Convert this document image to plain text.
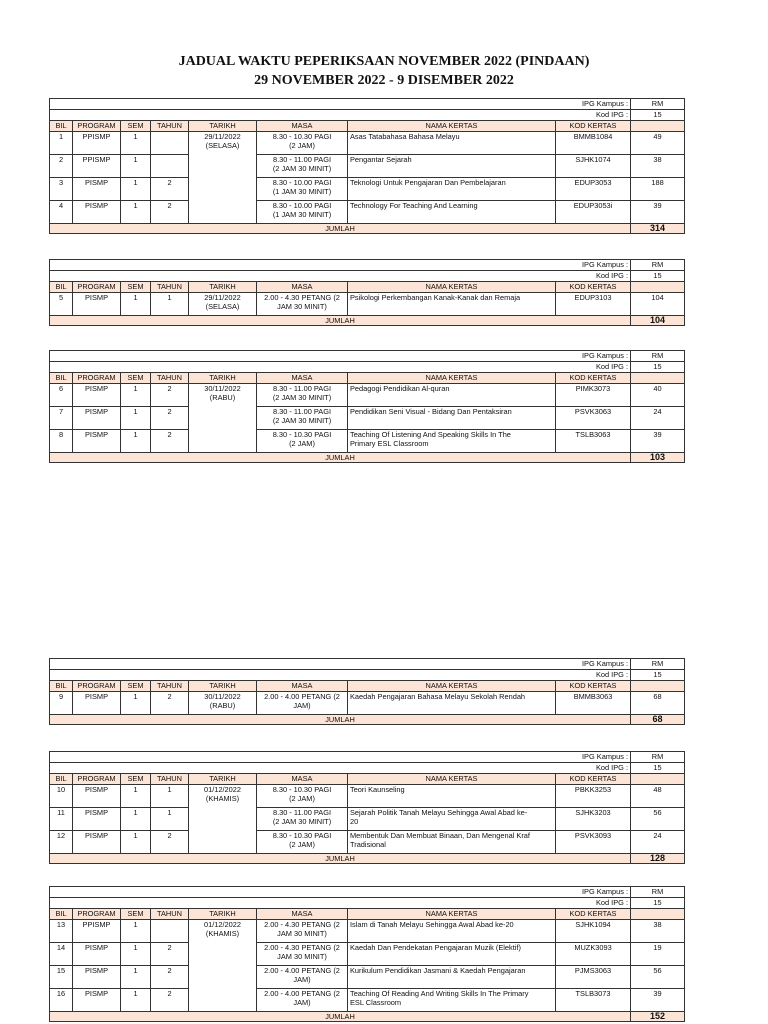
JADUAL WAKTU PEPERIKSAAN NOVEMBER 2022 (PINDAAN)
29 NOVEMBER 2022 - 9 DISEMBER 2022
IPG Kampus :								RM
Kod IPG :								15
BIL	PROGRAM	SEM	TAHUN	TARIKH	MASA	NAMA KERTAS	KOD KERTAS	
1	PPISMP	1		29/11/2022
(SELASA)	8.30 - 10.30 PAGI
(2 JAM)	Asas Tatabahasa Bahasa Melayu	BMMB1084	49
2	PPISMP	1			8.30 - 11.00 PAGI
(2 JAM 30 MINIT)	Pengantar Sejarah	SJHK1074	38
3	PISMP	1	2		8.30 - 10.00 PAGI
(1 JAM 30 MINIT)	Teknologi Untuk Pengajaran Dan Pembelajaran	EDUP3053	188
4	PISMP	1	2		8.30 - 10.00 PAGI
(1 JAM 30 MINIT)	Technology For Teaching And Learning	EDUP3053i	39
JUMLAH								314
IPG Kampus :								RM
Kod IPG :								15
BIL	PROGRAM	SEM	TAHUN	TARIKH	MASA	NAMA KERTAS	KOD KERTAS	
5	PISMP	1	1	29/11/2022
(SELASA)	2.00 - 4.30 PETANG (2
JAM 30 MINIT)	Psikologi Perkembangan Kanak-Kanak dan Remaja	EDUP3103	104
JUMLAH								104
IPG Kampus :								RM
Kod IPG :								15
BIL	PROGRAM	SEM	TAHUN	TARIKH	MASA	NAMA KERTAS	KOD KERTAS	
6	PISMP	1	2	30/11/2022
(RABU)	8.30 - 11.00 PAGI
(2 JAM 30 MINIT)	Pedagogi Pendidikan Al-quran	PIMK3073	40
7	PISMP	1	2		8.30 - 11.00 PAGI
(2 JAM 30 MINIT)	Pendidikan Seni Visual - Bidang Dan Pentaksiran	PSVK3063	24
8	PISMP	1	2		8.30 - 10.30 PAGI
(2 JAM)	Teaching Of Listening And Speaking Skills In The
Primary ESL Classroom	TSLB3063	39
JUMLAH								103
IPG Kampus :								RM
Kod IPG :								15
BIL	PROGRAM	SEM	TAHUN	TARIKH	MASA	NAMA KERTAS	KOD KERTAS	
9	PISMP	1	2	30/11/2022
(RABU)	2.00 - 4.00 PETANG (2
JAM)	Kaedah Pengajaran Bahasa Melayu Sekolah Rendah	BMMB3063	68
JUMLAH								68
IPG Kampus :								RM
Kod IPG :								15
BIL	PROGRAM	SEM	TAHUN	TARIKH	MASA	NAMA KERTAS	KOD KERTAS	
10	PISMP	1	1	01/12/2022
(KHAMIS)	8.30 - 10.30 PAGI
(2 JAM)	Teori Kaunseling	PBKK3253	48
11	PISMP	1	1		8.30 - 11.00 PAGI
(2 JAM 30 MINIT)	Sejarah Politik Tanah Melayu Sehingga Awal Abad ke-
20	SJHK3203	56
12	PISMP	1	2		8.30 - 10.30 PAGI
(2 JAM)	Membentuk Dan Membuat Binaan, Dan Mengenal Kraf
Tradisional	PSVK3093	24
JUMLAH								128
IPG Kampus :								RM
Kod IPG :								15
BIL	PROGRAM	SEM	TAHUN	TARIKH	MASA	NAMA KERTAS	KOD KERTAS	
13	PPISMP	1		01/12/2022
(KHAMIS)	2.00 - 4.30 PETANG (2
JAM 30 MINIT)	Islam di Tanah Melayu Sehingga Awal Abad ke-20	SJHK1094	38
14	PISMP	1	2		2.00 - 4.30 PETANG (2
JAM 30 MINIT)	Kaedah Dan Pendekatan Pengajaran Muzik (Elektif)	MUZK3093	19
15	PISMP	1	2		2.00 - 4.00 PETANG (2
JAM)	Kurikulum Pendidikan Jasmani & Kaedah Pengajaran	PJMS3063	56
16	PISMP	1	2		2.00 - 4.00 PETANG (2
JAM)	Teaching Of Reading And Writing Skills In The Primary
ESL Classroom	TSLB3073	39
JUMLAH								152
